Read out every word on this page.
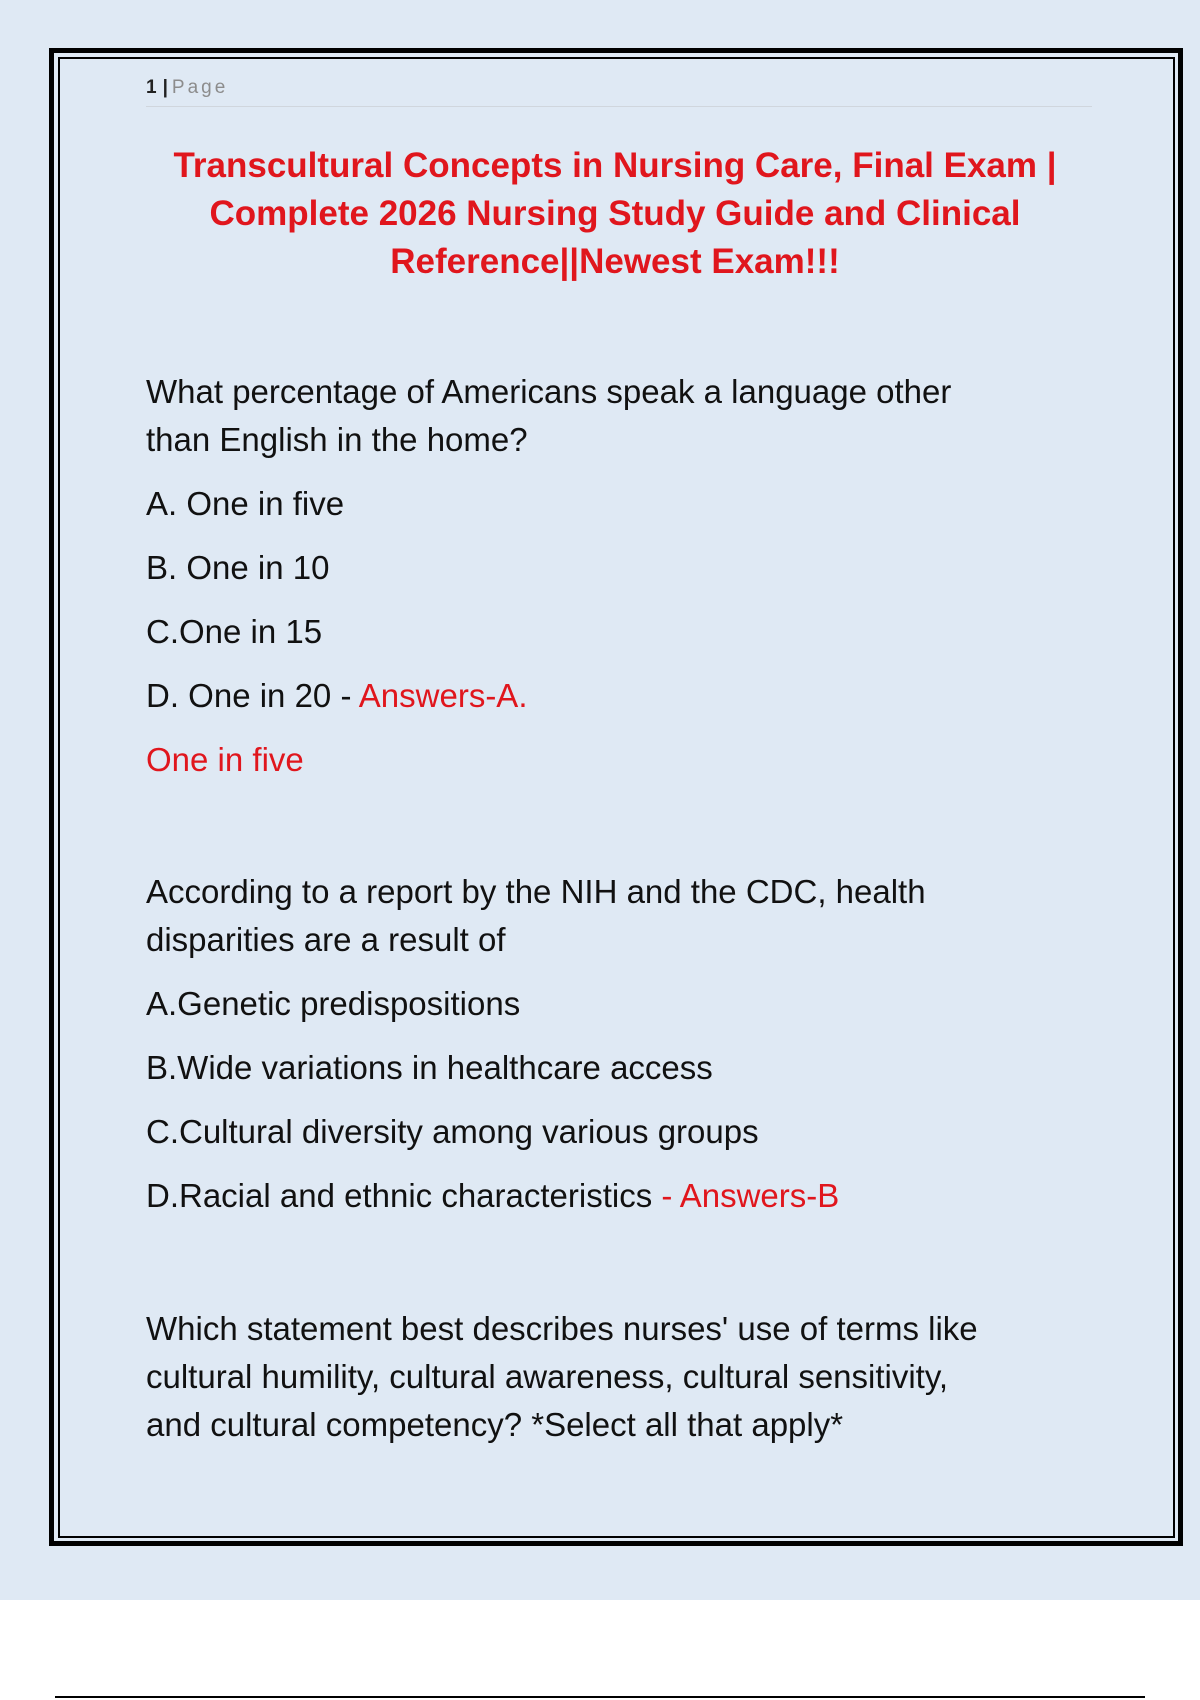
1 | Page
Transcultural Concepts in Nursing Care, Final Exam |
Complete 2026 Nursing Study Guide and Clinical
Reference||Newest Exam!!!

What percentage of Americans speak a language other
than English in the home?

A. One in five

B. One in 10

C.One in 15

D. One in 20 - Answers-A.

One in five

According to a report by the NIH and the CDC, health
disparities are a result of

A.Genetic predispositions

B.Wide variations in healthcare access

C.Cultural diversity among various groups

D.Racial and ethnic characteristics - Answers-B

Which statement best describes nurses' use of terms like
cultural humility, cultural awareness, cultural sensitivity,
and cultural competency? *Select all that apply*
